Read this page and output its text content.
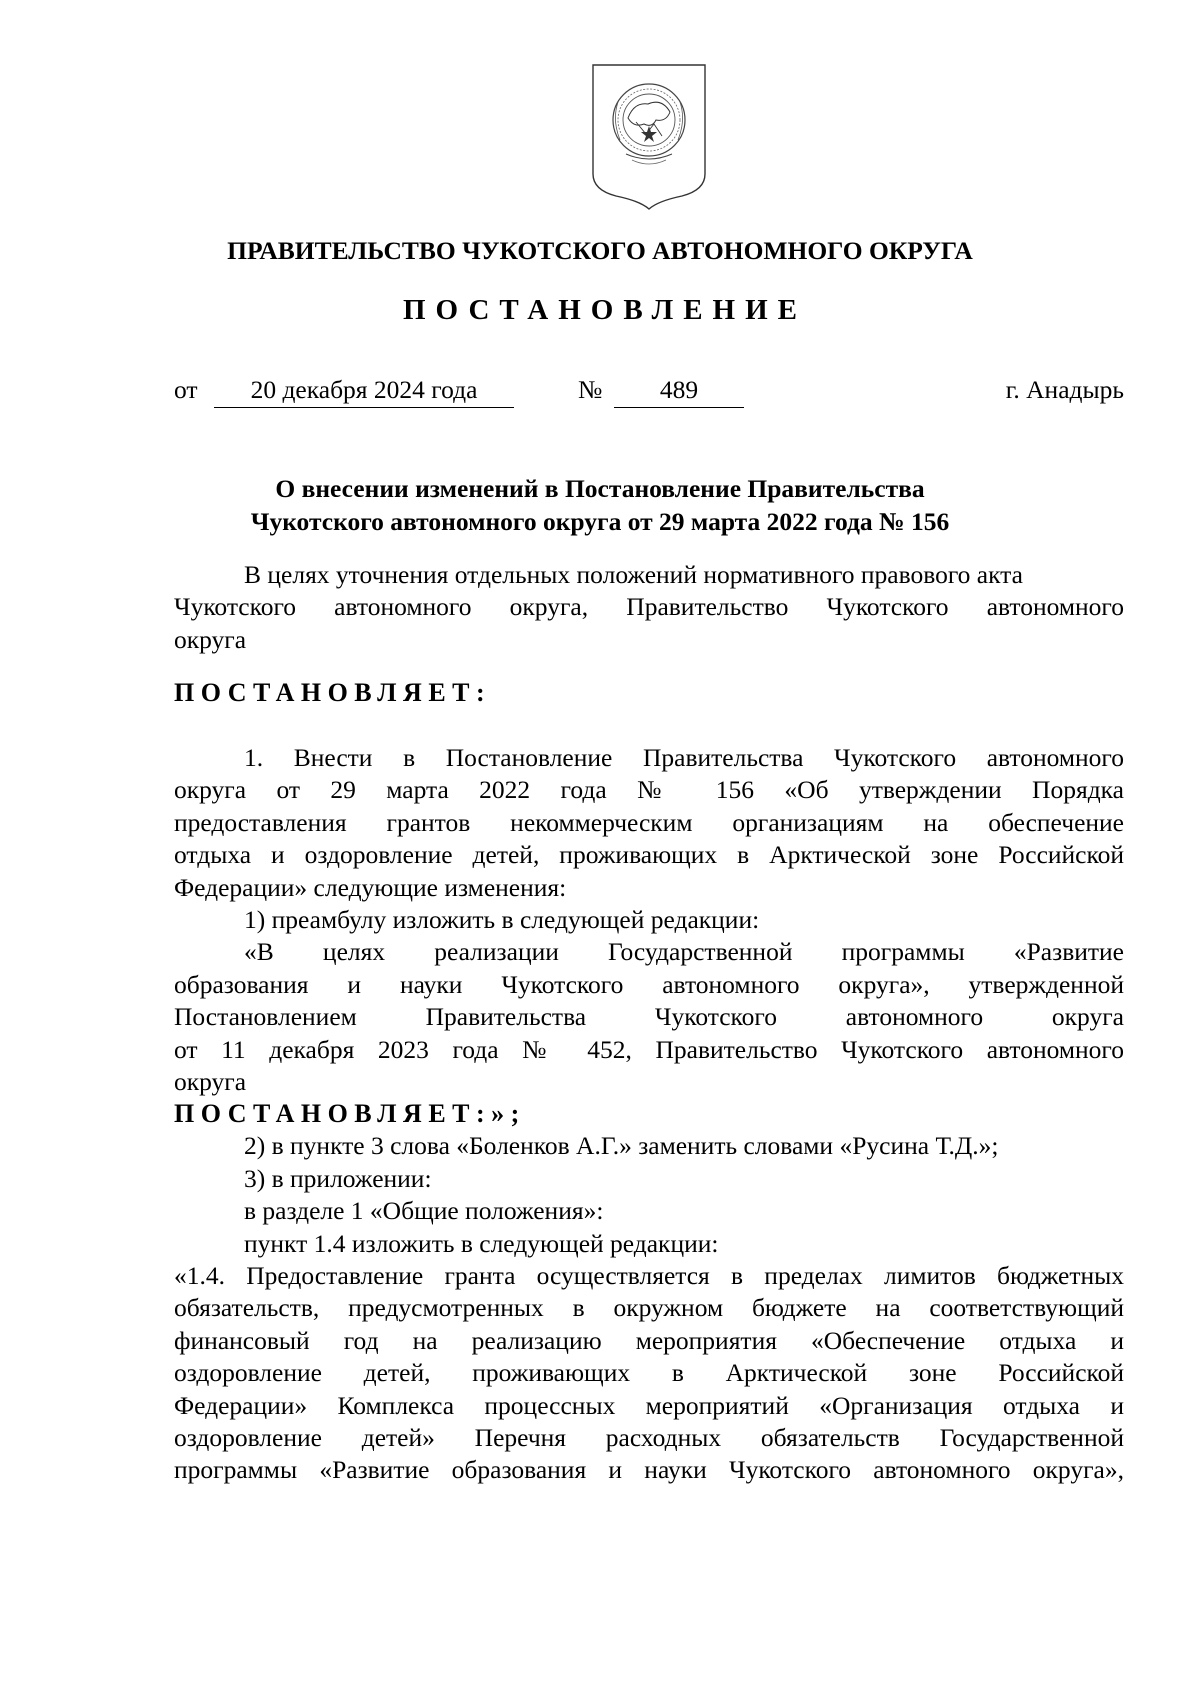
ПРАВИТЕЛЬСТВО ЧУКОТСКОГО АВТОНОМНОГО ОКРУГА
ПОСТАНОВЛЕНИЕ
от	20 декабря 2024 года	№	489	г. Анадырь
О внесении изменений в Постановление Правительства
Чукотского автономного округа от 29 марта 2022 года № 156
В целях уточнения отдельных положений нормативного правового акта
Чукотского автономного округа, Правительство Чукотского автономного
округа
ПОСТАНОВЛЯЕТ:
1. Внести в Постановление Правительства Чукотского автономного
округа от 29 марта 2022 года № 156 «Об утверждении Порядка
предоставления грантов некоммерческим организациям на обеспечение
отдыха и оздоровление детей, проживающих в Арктической зоне Российской
Федерации» следующие изменения:
1) преамбулу изложить в следующей редакции:
«В целях реализации Государственной программы «Развитие
образования и науки Чукотского автономного округа», утвержденной
Постановлением Правительства Чукотского автономного округа
от 11 декабря 2023 года № 452, Правительство Чукотского автономного
округа
ПОСТАНОВЛЯЕТ:»;
2) в пункте 3 слова «Боленков А.Г.» заменить словами «Русина Т.Д.»;
3) в приложении:
в разделе 1 «Общие положения»:
пункт 1.4 изложить в следующей редакции:
«1.4. Предоставление гранта осуществляется в пределах лимитов бюджетных
обязательств, предусмотренных в окружном бюджете на соответствующий
финансовый год на реализацию мероприятия «Обеспечение отдыха и
оздоровление детей, проживающих в Арктической зоне Российской
Федерации» Комплекса процессных мероприятий «Организация отдыха и
оздоровление детей» Перечня расходных обязательств Государственной
программы «Развитие образования и науки Чукотского автономного округа»,
